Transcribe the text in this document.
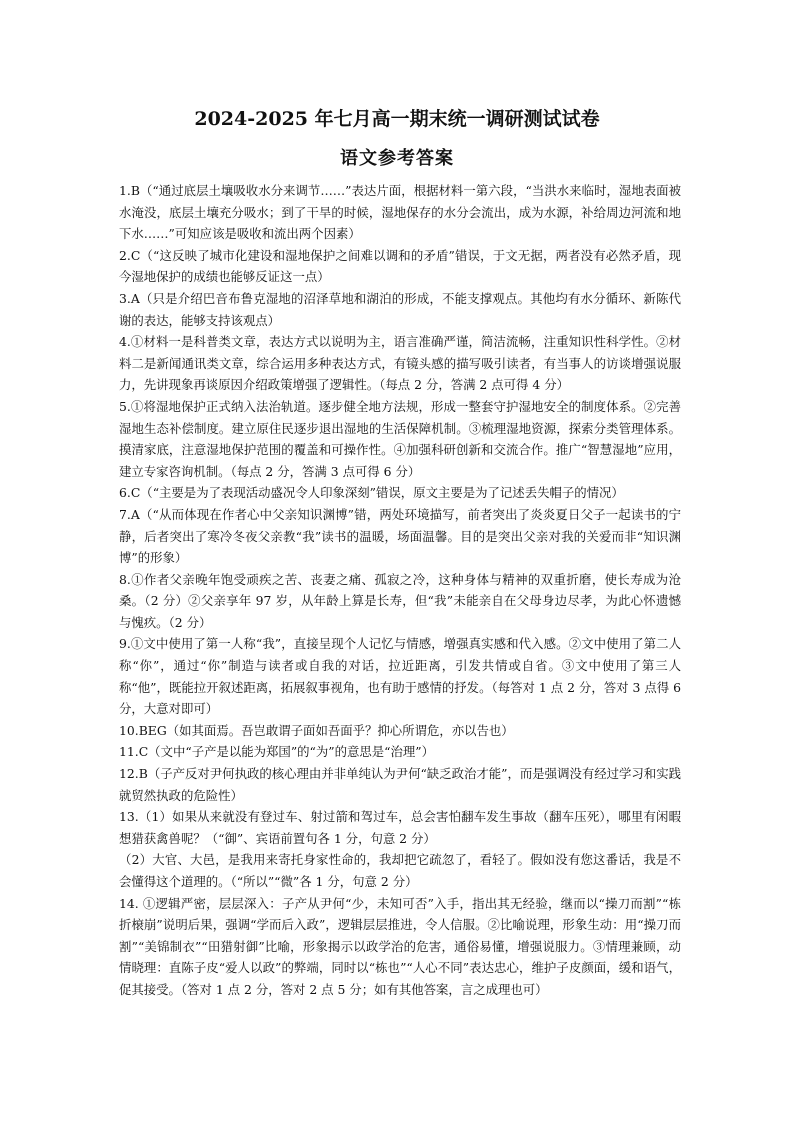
2024-2025 年七月高一期末统一调研测试试卷
语文参考答案

1.B（“通过底层土壤吸收水分来调节……”表达片面，根据材料一第六段，“当洪水来临时，湿地表面被水淹没，底层土壤充分吸水；到了干旱的时候，湿地保存的水分会流出，成为水源，补给周边河流和地下水……”可知应该是吸收和流出两个因素）

2.C（“这反映了城市化建设和湿地保护之间难以调和的矛盾”错误，于文无据，两者没有必然矛盾，现今湿地保护的成绩也能够反证这一点）

3.A（只是介绍巴音布鲁克湿地的沼泽草地和湖泊的形成，不能支撑观点。其他均有水分循环、新陈代谢的表达，能够支持该观点）

4.①材料一是科普类文章，表达方式以说明为主，语言准确严谨，简洁流畅，注重知识性科学性。②材料二是新闻通讯类文章，综合运用多种表达方式，有镜头感的描写吸引读者，有当事人的访谈增强说服力，先讲现象再谈原因介绍政策增强了逻辑性。（每点 2 分，答满 2 点可得 4 分）

5.①将湿地保护正式纳入法治轨道。逐步健全地方法规，形成一整套守护湿地安全的制度体系。②完善湿地生态补偿制度。建立原住民逐步退出湿地的生活保障机制。③梳理湿地资源，探索分类管理体系。摸清家底，注意湿地保护范围的覆盖和可操作性。④加强科研创新和交流合作。推广“智慧湿地”应用，建立专家咨询机制。（每点 2 分，答满 3 点可得 6 分）

6.C（“主要是为了表现活动盛况令人印象深刻”错误，原文主要是为了记述丢失帽子的情况）

7.A（“从而体现在作者心中父亲知识渊博”错，两处环境描写，前者突出了炎炎夏日父子一起读书的宁静，后者突出了寒冷冬夜父亲教“我”读书的温暖，场面温馨。目的是突出父亲对我的关爱而非“知识渊博”的形象）

8.①作者父亲晚年饱受顽疾之苦、丧妻之痛、孤寂之冷，这种身体与精神的双重折磨，使长寿成为沧桑。（2 分）②父亲享年 97 岁，从年龄上算是长寿，但“我”未能亲自在父母身边尽孝，为此心怀遗憾与愧疚。（2 分）

9.①文中使用了第一人称“我”，直接呈现个人记忆与情感，增强真实感和代入感。②文中使用了第二人称“你”，通过“你”制造与读者或自我的对话，拉近距离，引发共情或自省。③文中使用了第三人称“他”，既能拉开叙述距离，拓展叙事视角，也有助于感情的抒发。（每答对 1 点 2 分，答对 3 点得 6 分，大意对即可）

10.BEG（如其面焉。吾岂敢谓子面如吾面乎？抑心所谓危，亦以告也）

11.C（文中“子产是以能为郑国”的“为”的意思是“治理”）

12.B（子产反对尹何执政的核心理由并非单纯认为尹何“缺乏政治才能”，而是强调没有经过学习和实践就贸然执政的危险性）

13.（1）如果从来就没有登过车、射过箭和驾过车，总会害怕翻车发生事故（翻车压死），哪里有闲暇想猎获禽兽呢？（“御”、宾语前置句各 1 分，句意 2 分）

（2）大官、大邑，是我用来寄托身家性命的，我却把它疏忽了，看轻了。假如没有您这番话，我是不会懂得这个道理的。（“所以”“微”各 1 分，句意 2 分）

14. ①逻辑严密，层层深入：子产从尹何“少，未知可否”入手，指出其无经验，继而以“操刀而割”“栋折榱崩”说明后果，强调“学而后入政”，逻辑层层推进，令人信服。②比喻说理，形象生动：用“操刀而割”“美锦制衣”“田猎射御”比喻，形象揭示以政学治的危害，通俗易懂，增强说服力。③情理兼顾，动情晓理：直陈子皮“爱人以政”的弊端，同时以“栋也”“人心不同”表达忠心，维护子皮颜面，缓和语气，促其接受。（答对 1 点 2 分，答对 2 点 5 分；如有其他答案，言之成理也可）
